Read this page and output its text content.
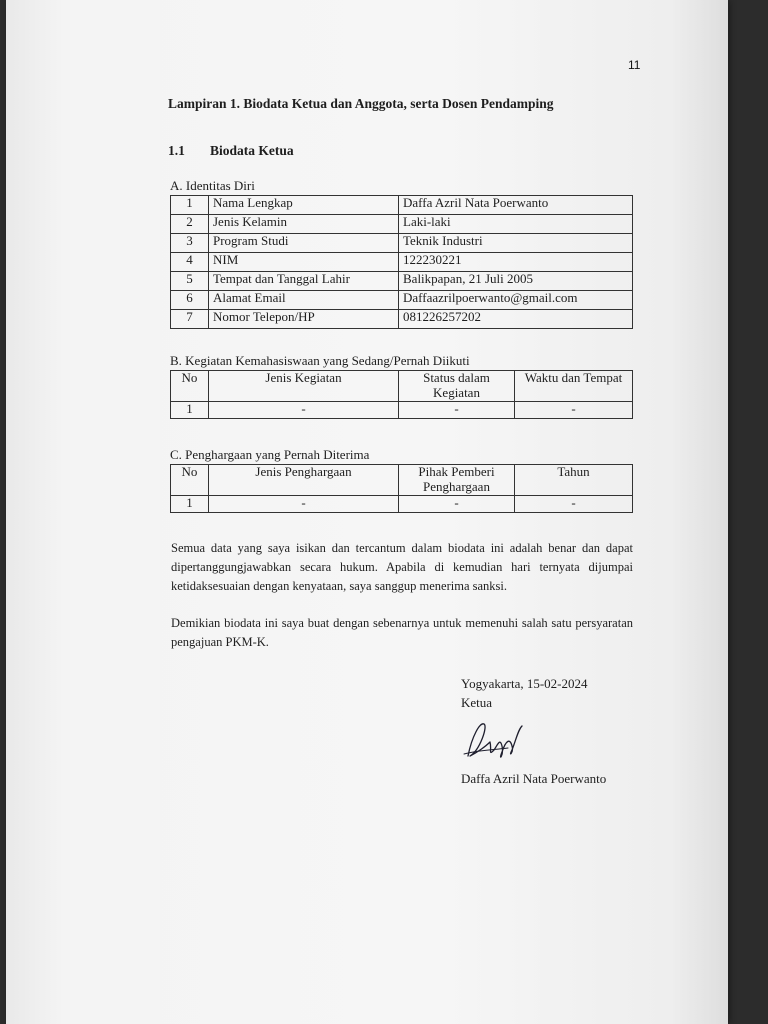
11
Lampiran 1. Biodata Ketua dan Anggota, serta Dosen Pendamping
1.1 Biodata Ketua
A. Identitas Diri
1	Nama Lengkap	Daffa Azril Nata Poerwanto
2	Jenis Kelamin	Laki-laki
3	Program Studi	Teknik Industri
4	NIM	122230221
5	Tempat dan Tanggal Lahir	Balikpapan, 21 Juli 2005
6	Alamat Email	Daffaazrilpoerwanto@gmail.com
7	Nomor Telepon/HP	081226257202
B. Kegiatan Kemahasiswaan yang Sedang/Pernah Diikuti
No	Jenis Kegiatan	Status dalam Kegiatan	Waktu dan Tempat
1	-	-	-
C. Penghargaan yang Pernah Diterima
No	Jenis Penghargaan	Pihak Pemberi Penghargaan	Tahun
1	-	-	-
Semua data yang saya isikan dan tercantum dalam biodata ini adalah benar dan dapat dipertanggungjawabkan secara hukum. Apabila di kemudian hari ternyata dijumpai ketidaksesuaian dengan kenyataan, saya sanggup menerima sanksi.
Demikian biodata ini saya buat dengan sebenarnya untuk memenuhi salah satu persyaratan pengajuan PKM-K.
Yogyakarta, 15-02-2024
Ketua
Daffa Azril Nata Poerwanto
